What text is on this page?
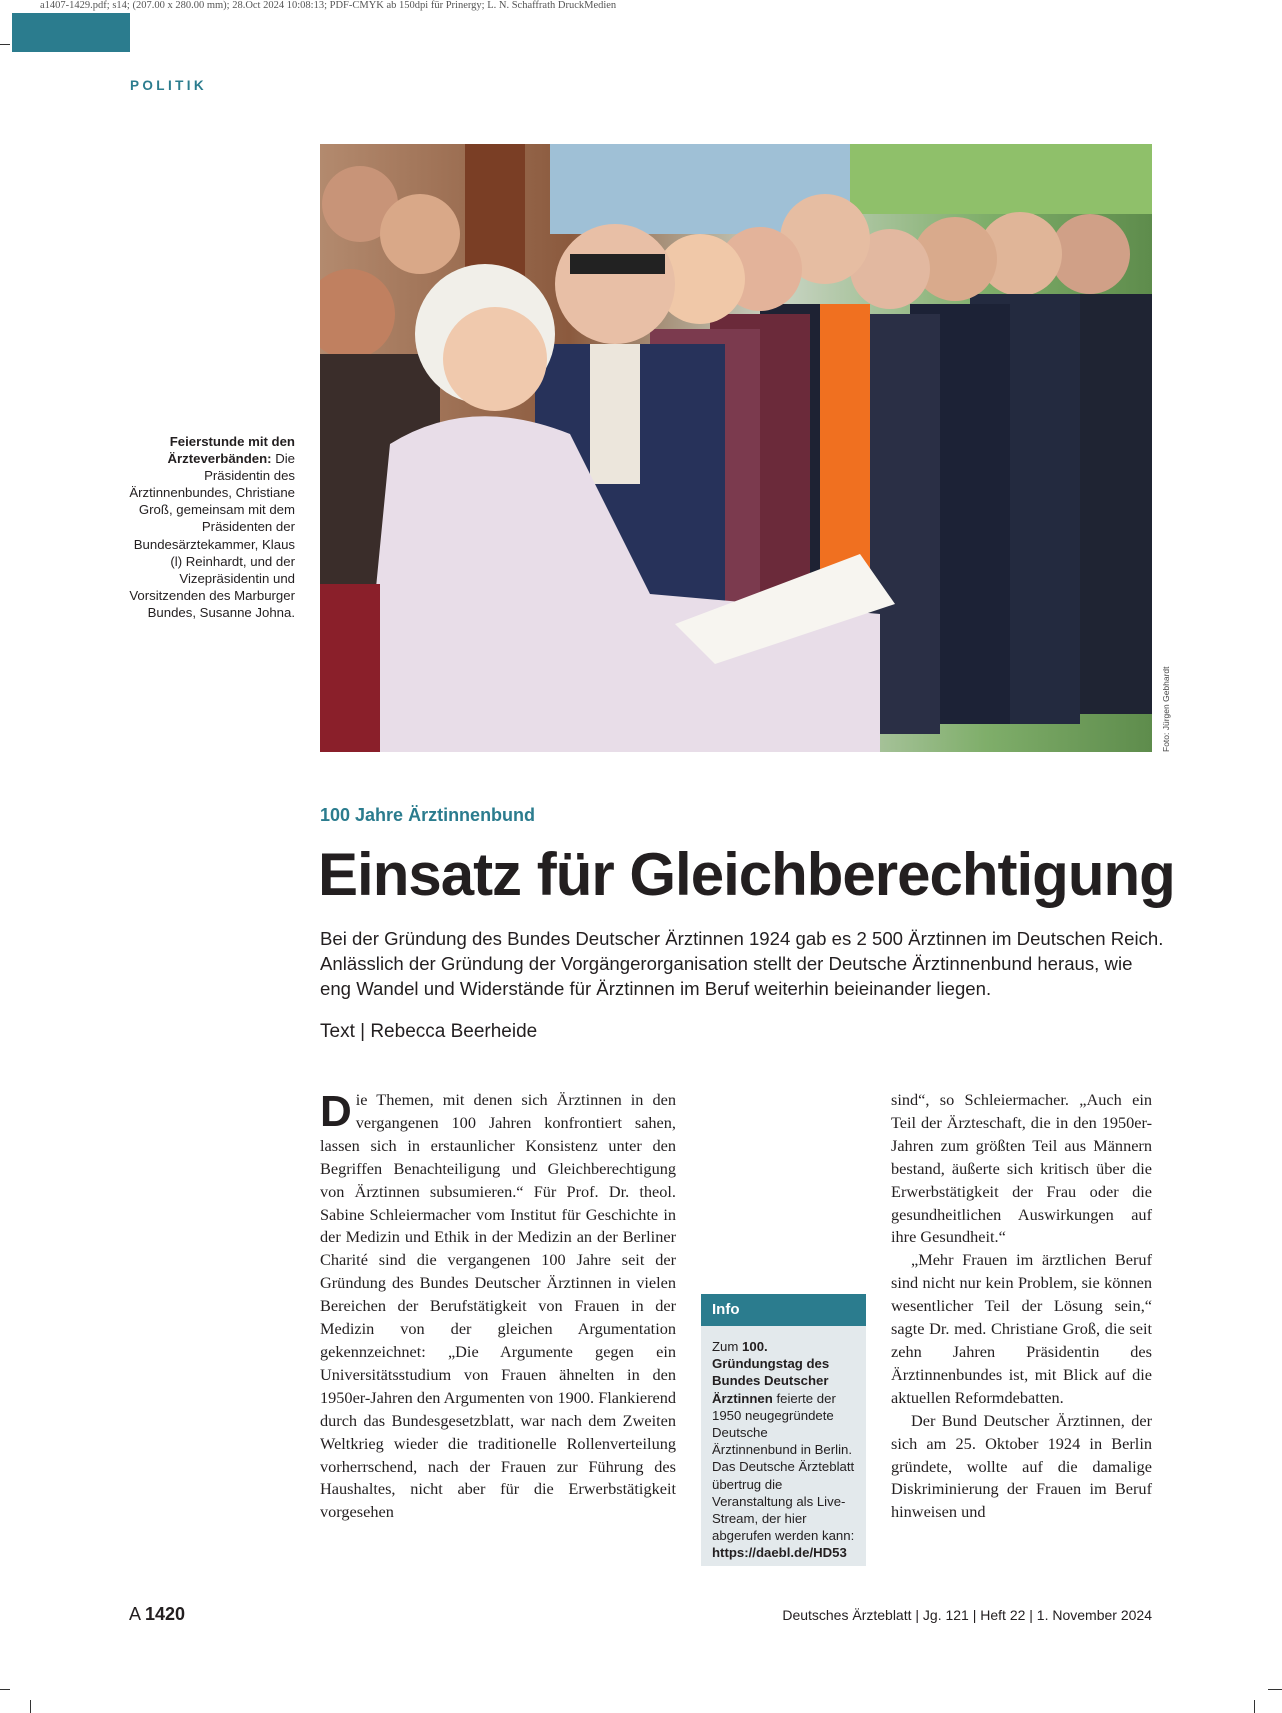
a1407-1429.pdf; s14; (207.00 x 280.00 mm); 28.Oct 2024 10:08:13; PDF-CMYK ab 150dpi für Prinergy; L. N. Schaffrath DruckMedien
POLITIK
Foto: Jürgen Gebhardt
Feierstunde mit den Ärzteverbänden: Die Präsidentin des Ärztinnenbundes, Christiane Groß, gemeinsam mit dem Präsidenten der Bundesärztekammer, Klaus (l) Reinhardt, und der Vizepräsidentin und Vorsitzenden des Marburger Bundes, Susanne Johna.
100 Jahre Ärztinnenbund
Einsatz für Gleichberechtigung
Bei der Gründung des Bundes Deutscher Ärztinnen 1924 gab es 2 500 Ärztinnen im Deutschen Reich. Anlässlich der Gründung der Vorgängerorganisation stellt der Deutsche Ärztinnenbund heraus, wie eng Wandel und Widerstände für Ärztinnen im Beruf weiterhin beieinander liegen.
Text | Rebecca Beerheide
Die Themen, mit denen sich Ärztinnen in den vergangenen 100 Jahren konfrontiert sahen, lassen sich in erstaunlicher Konsistenz unter den Begriffen Benachteiligung und Gleichberechtigung von Ärztinnen subsumieren.“ Für Prof. Dr. theol. Sabine Schleiermacher vom Institut für Geschichte in der Medizin und Ethik in der Medizin an der Berliner Charité sind die vergangenen 100 Jahre seit der Gründung des Bundes Deutscher Ärztinnen in vielen Bereichen der Berufstätigkeit von Frauen in der Medizin von der gleichen Argumentation gekennzeichnet: „Die Argumente gegen ein Universitätsstudium von Frauen ähnelten in den 1950er-Jahren den Argumenten von 1900. Flankierend durch das Bundesgesetzblatt, war nach dem Zweiten Weltkrieg wieder die traditionelle Rollenverteilung vorherrschend, nach der Frauen zur Führung des Haushaltes, nicht aber für die Erwerbstätigkeit vorgesehen
Info
Zum 100. Gründungstag des Bundes Deutscher Ärztinnen feierte der 1950 neugegründete Deutsche Ärztinnenbund in Berlin. Das Deutsche Ärzteblatt übertrug die Veranstaltung als Live-Stream, der hier abgerufen werden kann: https://daebl.de/HD53

sind“, so Schleiermacher. „Auch ein Teil der Ärzteschaft, die in den 1950er-Jahren zum größten Teil aus Männern bestand, äußerte sich kritisch über die Erwerbstätigkeit der Frau oder die gesundheitlichen Auswirkungen auf ihre Gesundheit.“

„Mehr Frauen im ärztlichen Beruf sind nicht nur kein Problem, sie können wesentlicher Teil der Lösung sein,“ sagte Dr. med. Christiane Groß, die seit zehn Jahren Präsidentin des Ärztinnenbundes ist, mit Blick auf die aktuellen Reformdebatten.

Der Bund Deutscher Ärztinnen, der sich am 25. Oktober 1924 in Berlin gründete, wollte auf die damalige Diskriminierung der Frauen im Beruf hinweisen und

A 1420	Deutsches Ärzteblatt | Jg. 121 | Heft 22 | 1. November 2024
